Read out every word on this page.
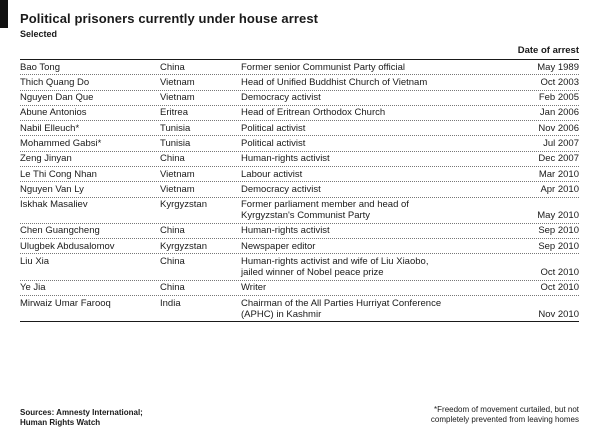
Political prisoners currently under house arrest
Selected
Date of arrest
Bao Tong	China	Former senior Communist Party official	May 1989
Thich Quang Do	Vietnam	Head of Unified Buddhist Church of Vietnam	Oct 2003
Nguyen Dan Que	Vietnam	Democracy activist	Feb 2005
Abune Antonios	Eritrea	Head of Eritrean Orthodox Church	Jan 2006
Nabil Elleuch*	Tunisia	Political activist	Nov 2006
Mohammed Gabsi*	Tunisia	Political activist	Jul 2007
Zeng Jinyan	China	Human-rights activist	Dec 2007
Le Thi Cong Nhan	Vietnam	Labour activist	Mar 2010
Nguyen Van Ly	Vietnam	Democracy activist	Apr 2010
Iskhak Masaliev	Kyrgyzstan	Former parliament member and head of
Kyrgyzstan's Communist Party	May 2010
Chen Guangcheng	China	Human-rights activist	Sep 2010
Ulugbek Abdusalomov	Kyrgyzstan	Newspaper editor	Sep 2010
Liu Xia	China	Human-rights activist and wife of Liu Xiaobo,
jailed winner of Nobel peace prize	Oct 2010
Ye Jia	China	Writer	Oct 2010
Mirwaiz Umar Farooq	India	Chairman of the All Parties Hurriyat Conference
(APHC) in Kashmir	Nov 2010
Sources: Amnesty International;
Human Rights Watch
*Freedom of movement curtailed, but not
completely prevented from leaving homes
